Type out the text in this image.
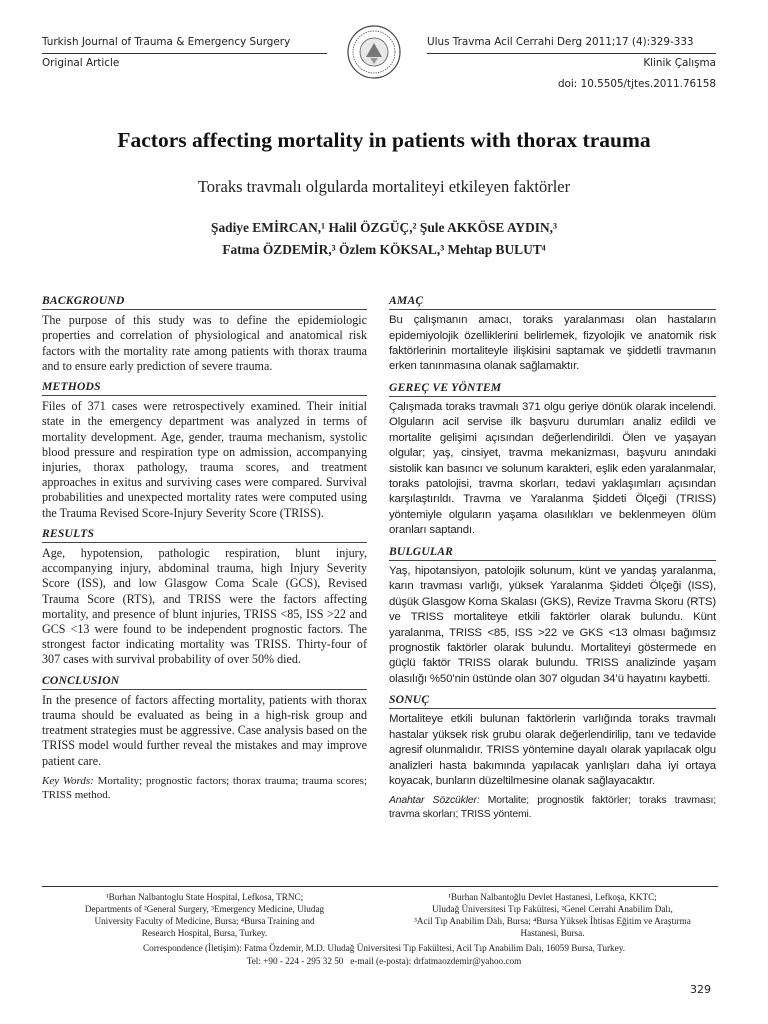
Turkish Journal of Trauma & Emergency Surgery
Original Article
Ulus Travma Acil Cerrahi Derg 2011;17 (4):329-333
Klinik Çalışma
doi: 10.5505/tjtes.2011.76158
Factors affecting mortality in patients with thorax trauma
Toraks travmalı olgularda mortaliteyi etkileyen faktörler
Şadiye EMİRCAN,¹ Halil ÖZGÜÇ,² Şule AKKÖSE AYDIN,³
Fatma ÖZDEMİR,³ Özlem KÖKSAL,³ Mehtap BULUT⁴
BACKGROUND

The purpose of this study was to define the epidemiologic properties and correlation of physiological and anatomical risk factors with the mortality rate among patients with thorax trauma and to ensure early prediction of severe trauma.

METHODS

Files of 371 cases were retrospectively examined. Their initial state in the emergency department was analyzed in terms of mortality development. Age, gender, trauma mechanism, systolic blood pressure and respiration type on admission, accompanying injuries, thorax pathology, trauma scores, and treatment approaches in exitus and surviving cases were compared. Survival probabilities and unexpected mortality rates were computed using the Trauma Revised Score-Injury Severity Score (TRISS).

RESULTS

Age, hypotension, pathologic respiration, blunt injury, accompanying injury, abdominal trauma, high Injury Severity Score (ISS), and low Glasgow Coma Scale (GCS), Revised Trauma Score (RTS), and TRISS were the factors affecting mortality, and presence of blunt injuries, TRISS <85, ISS >22 and GCS <13 were found to be independent prognostic factors. The strongest factor indicating mortality was TRISS. Thirty-four of 307 cases with survival probability of over 50% died.

CONCLUSION

In the presence of factors affecting mortality, patients with thorax trauma should be evaluated as being in a high-risk group and treatment strategies must be aggressive. Case analysis based on the TRISS model would further reveal the mistakes and may improve patient care.

Key Words: Mortality; prognostic factors; thorax trauma; trauma scores; TRISS method.
AMAÇ

Bu çalışmanın amacı, toraks yaralanması olan hastaların epidemiyolojik özelliklerini belirlemek, fizyolojik ve anatomik risk faktörlerinin mortaliteyle ilişkisini saptamak ve şiddetli travmanın erken tanınmasına olanak sağlamaktır.

GEREÇ VE YÖNTEM

Çalışmada toraks travmalı 371 olgu geriye dönük olarak incelendi. Olguların acil servise ilk başvuru durumları analiz edildi ve mortalite gelişimi açısından değerlendirildi. Ölen ve yaşayan olgular; yaş, cinsiyet, travma mekanizması, başvuru anındaki sistolik kan basıncı ve solunum karakteri, eşlik eden yaralanmalar, toraks patolojisi, travma skorları, tedavi yaklaşımları açısından karşılaştırıldı. Travma ve Yaralanma Şiddeti Ölçeği (TRISS) yöntemiyle olguların yaşama olasılıkları ve beklenmeyen ölüm oranları saptandı.

BULGULAR

Yaş, hipotansiyon, patolojik solunum, künt ve yandaş yaralanma, karın travması varlığı, yüksek Yaralanma Şiddeti Ölçeği (ISS), düşük Glasgow Koma Skalası (GKS), Revize Travma Skoru (RTS) ve TRISS mortaliteye etkili faktörler olarak bulundu. Künt yaralanma, TRISS <85, ISS >22 ve GKS <13 olması bağımsız prognostik faktörler olarak bulundu. Mortaliteyi göstermede en güçlü faktör TRISS olarak bulundu. TRISS analizinde yaşam olasılığı %50’nin üstünde olan 307 olgudan 34’ü hayatını kaybetti.

SONUÇ

Mortaliteye etkili bulunan faktörlerin varlığında toraks travmalı hastalar yüksek risk grubu olarak değerlendirilip, tanı ve tedavide agresif olunmalıdır. TRISS yöntemine dayalı olarak yapılacak olgu analizleri hasta bakımında yapılacak yanlışları daha iyi ortaya koyacak, bunların düzeltilmesine olanak sağlayacaktır.

Anahtar Sözcükler: Mortalite; prognostik faktörler; toraks travması; travma skorları; TRISS yöntemi.
¹Burhan Nalbantoglu State Hospital, Lefkosa, TRNC;
Departments of ²General Surgery, ³Emergency Medicine, Uludag
University Faculty of Medicine, Bursa; ⁴Bursa Training and
Research Hospital, Bursa, Turkey.
¹Burhan Nalbantoğlu Devlet Hastanesi, Lefkoşa, KKTC;
Uludağ Üniversitesi Tıp Fakültesi, ²Genel Cerrahi Anabilim Dalı,
³Acil Tıp Anabilim Dalı, Bursa; ⁴Bursa Yüksek İhtisas Eğitim ve Araştırma
Hastanesi, Bursa.
Correspondence (İletişim): Fatma Özdemir, M.D. Uludağ Üniversitesi Tıp Fakültesi, Acil Tıp Anabilim Dalı, 16059 Bursa, Turkey.
Tel: +90 - 224 - 295 32 50 e-mail (e-posta): drfatmaozdemir@yahoo.com
329
